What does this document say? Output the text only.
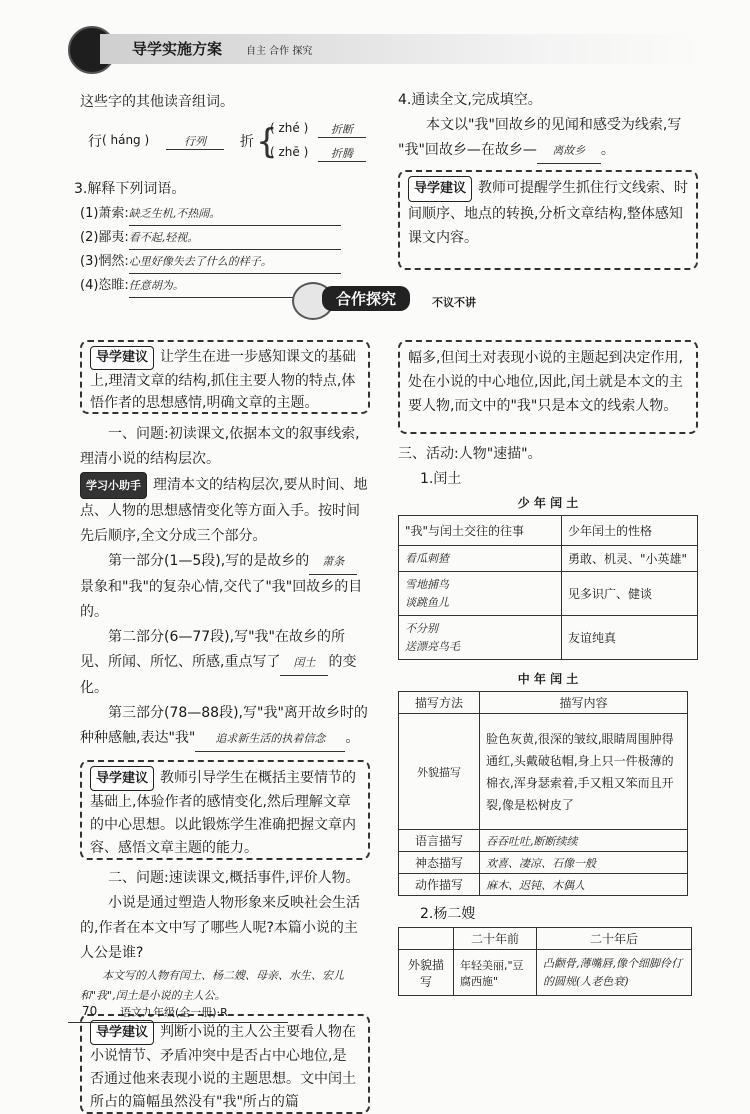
导学实施方案 自主 合作 探究

这些字的其他读音组词。

行 ( háng )	行列	折 {
( zhé )	折断
( zhē )	折腾

3.解释下列词语。

(1)萧索:缺乏生机,不热闹。
(2)鄙夷:看不起,轻视。
(3)惘然:心里好像失去了什么的样子。
(4)恣睢:任意胡为。

4.通读全文,完成填空。

本文以"我"回故乡的见闻和感受为线索,写

"我"回故乡—在故乡— 离故乡 。

导学建议 教师可提醒学生抓住行文线索、时间顺序、地点的转换,分析文章结构,整体感知课文内容。

合作探究	不议不讲

导学建议 让学生在进一步感知课文的基础上,理清文章的结构,抓住主要人物的特点,体悟作者的思想感情,明确文章的主题。

一、问题:初读课文,依据本文的叙事线索,理清小说的结构层次。

学习小助手 理清本文的结构层次,要从时间、地点、人物的思想感情变化等方面入手。按时间先后顺序,全文分成三个部分。

第一部分(1—5段),写的是故乡的 萧条景象和"我"的复杂心情,交代了"我"回故乡的目的。

第二部分(6—77段),写"我"在故乡的所见、所闻、所忆、所感,重点写了 闰土 的变化。

第三部分(78—88段),写"我"离开故乡时的种种感触,表达"我" 追求新生活的执着信念 。

导学建议 教师引导学生在概括主要情节的基础上,体验作者的感情变化,然后理解文章的中心思想。以此锻炼学生准确把握文章内容、感悟文章主题的能力。

二、问题:速读课文,概括事件,评价人物。

小说是通过塑造人物形象来反映社会生活的,作者在本文中写了哪些人呢?本篇小说的主人公是谁?

本文写的人物有闰土、杨二嫂、母亲、水生、宏儿和"我",闰土是小说的主人公。

导学建议 判断小说的主人公主要看人物在小说情节、矛盾冲突中是否占中心地位,是否通过他来表现小说的主题思想。文中闰土所占的篇幅虽然没有"我"所占的篇

幅多,但闰土对表现小说的主题起到决定作用,处在小说的中心地位,因此,闰土就是本文的主要人物,而文中的"我"只是本文的线索人物。

三、活动:人物"速描"。

1.闰土

少 年 闰 土

"我"与闰土交往的往事	少年闰土的性格

看瓜刺猹	勇敢、机灵、"小英雄"

雪地捕鸟
谈跳鱼儿	见多识广、健谈

不分别
送漂亮鸟毛	友谊纯真

中 年 闰 土

描写方法	描写内容
外貌描写	脸色灰黄,很深的皱纹,眼睛周围肿得通红,头戴破毡帽,身上只一件极薄的棉衣,浑身瑟索着,手又粗又笨而且开裂,像是松树皮了
语言描写	吞吞吐吐,断断续续
神态描写	欢喜、凄凉、石像一般
动作描写	麻木、迟钝、木偶人

2.杨二嫂

	二十年前	二十年后
外貌描写	年轻美丽,"豆腐西施"	凸颧骨,薄嘴唇,像个细脚伶仃的圆规(人老色衰)
70 语文九年级(全一册)·R
